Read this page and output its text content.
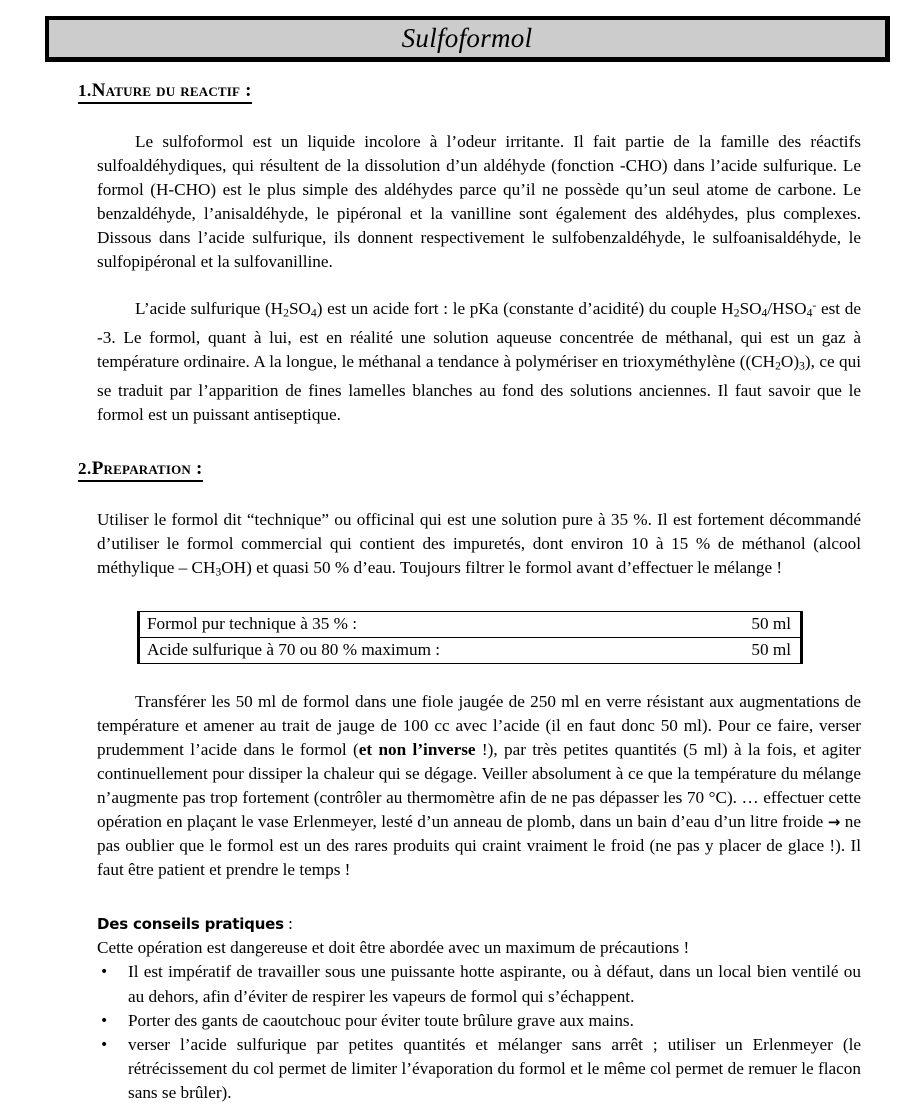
Sulfoformol
1.Nature du reactif :

Le sulfoformol est un liquide incolore à l’odeur irritante. Il fait partie de la famille des réactifs sulfoaldéhydiques, qui résultent de la dissolution d’un aldéhyde (fonction -CHO) dans l’acide sulfurique. Le formol (H-CHO) est le plus simple des aldéhydes parce qu’il ne possède qu’un seul atome de carbone. Le benzaldéhyde, l’anisaldéhyde, le pipéronal et la vanilline sont également des aldéhydes, plus complexes. Dissous dans l’acide sulfurique, ils donnent respectivement le sulfobenzaldéhyde, le sulfoanisaldéhyde, le sulfopipéronal et la sulfovanilline.

L’acide sulfurique $(H_2SO_4)$ est un acide fort : le pKa (constante d’acidité) du couple $H_2SO_4/HSO_4^-$ est de -3. Le formol, quant à lui, est en réalité une solution aqueuse concentrée de méthanal, qui est un gaz à température ordinaire. A la longue, le méthanal a tendance à polymériser en trioxyméthylène $((CH_2O)_3)$, ce qui se traduit par l’apparition de fines lamelles blanches au fond des solutions anciennes. Il faut savoir que le formol est un puissant antiseptique.

2.Preparation :

Utiliser le formol dit “technique” ou officinal qui est une solution pure à 35 %. Il est fortement décommandé d’utiliser le formol commercial qui contient des impuretés, dont environ 10 à 15 % de méthanol (alcool méthylique – $CH_3OH$) et quasi 50 % d’eau. Toujours filtrer le formol avant d’effectuer le mélange !

Formol pur technique à 35 % :	50 ml
Acide sulfurique à 70 ou 80 % maximum :	50 ml

Transférer les 50 ml de formol dans une fiole jaugée de 250 ml en verre résistant aux augmentations de température et amener au trait de jauge de 100 cc avec l’acide (il en faut donc 50 ml). Pour ce faire, verser prudemment l’acide dans le formol (et non l’inverse !), par très petites quantités (5 ml) à la fois, et agiter continuellement pour dissiper la chaleur qui se dégage. Veiller absolument à ce que la température du mélange n’augmente pas trop fortement (contrôler au thermomètre afin de ne pas dépasser les 70 °C). … effectuer cette opération en plaçant le vase Erlenmeyer, lesté d’un anneau de plomb, dans un bain d’eau d’un litre froide → ne pas oublier que le formol est un des rares produits qui craint vraiment le froid (ne pas y placer de glace !). Il faut être patient et prendre le temps !

Des conseils pratiques :

Cette opération est dangereuse et doit être abordée avec un maximum de précautions !

• Il est impératif de travailler sous une puissante hotte aspirante, ou à défaut, dans un local bien ventilé ou au dehors, afin d’éviter de respirer les vapeurs de formol qui s’échappent.
• Porter des gants de caoutchouc pour éviter toute brûlure grave aux mains.
• verser l’acide sulfurique par petites quantités et mélanger sans arrêt ; utiliser un Erlenmeyer (le rétrécissement du col permet de limiter l’évaporation du formol et le même col permet de remuer le flacon sans se brûler).
